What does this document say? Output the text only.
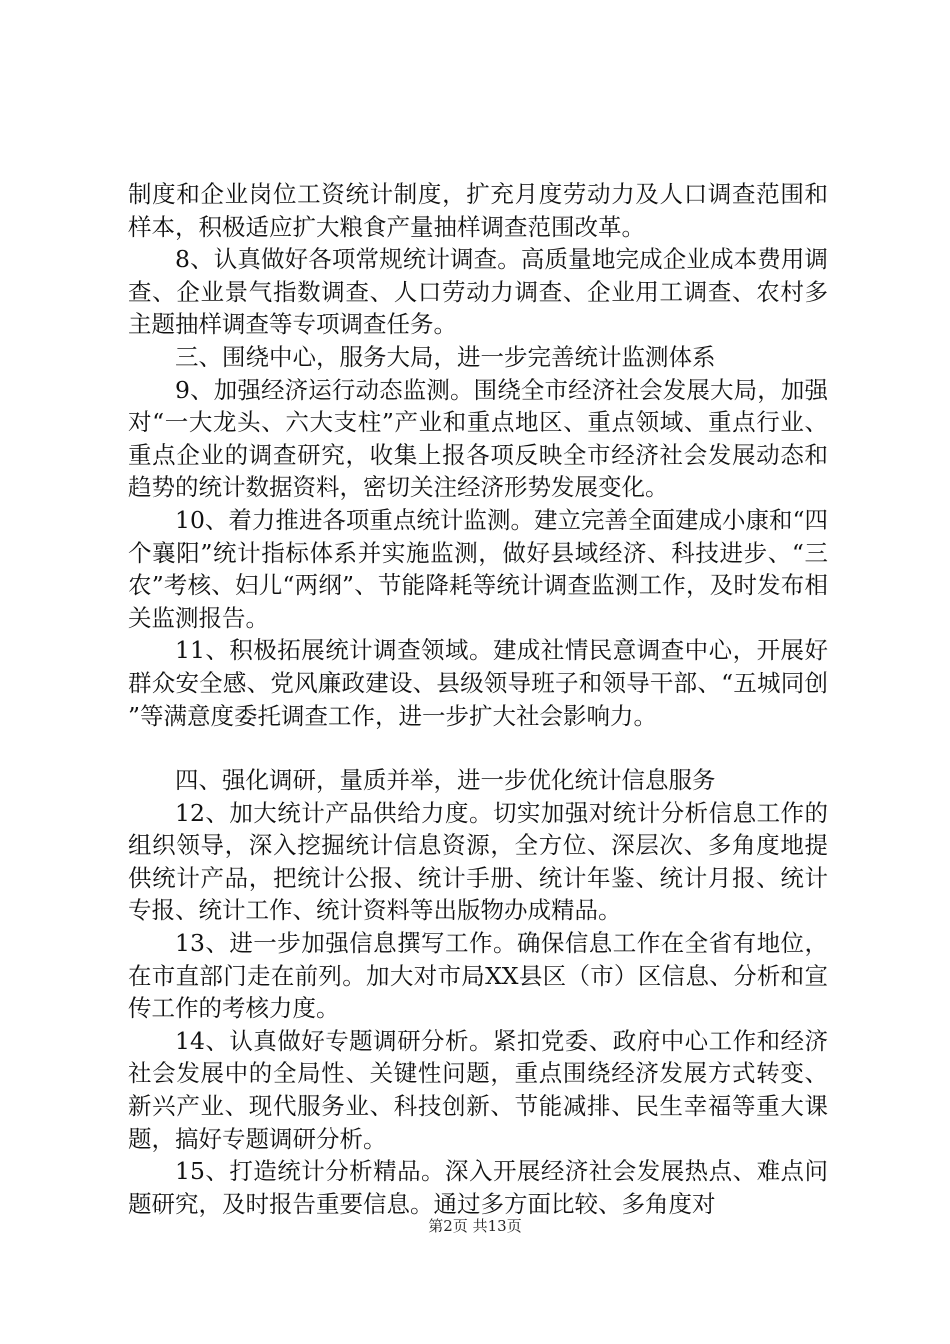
制度和企业岗位工资统计制度，扩充月度劳动力及人口调查范围和样本，积极适应扩大粮食产量抽样调查范围改革。

8、认真做好各项常规统计调查。高质量地完成企业成本费用调查、企业景气指数调查、人口劳动力调查、企业用工调查、农村多主题抽样调查等专项调查任务。

三、围绕中心，服务大局，进一步完善统计监测体系

9、加强经济运行动态监测。围绕全市经济社会发展大局，加强对“一大龙头、六大支柱”产业和重点地区、重点领域、重点行业、重点企业的调查研究，收集上报各项反映全市经济社会发展动态和趋势的统计数据资料，密切关注经济形势发展变化。

10、着力推进各项重点统计监测。建立完善全面建成小康和“四个襄阳”统计指标体系并实施监测，做好县域经济、科技进步、“三农”考核、妇儿“两纲”、节能降耗等统计调查监测工作，及时发布相关监测报告。

11、积极拓展统计调查领域。建成社情民意调查中心，开展好群众安全感、党风廉政建设、县级领导班子和领导干部、“五城同创”等满意度委托调查工作，进一步扩大社会影响力。

四、强化调研，量质并举，进一步优化统计信息服务

12、加大统计产品供给力度。切实加强对统计分析信息工作的组织领导，深入挖掘统计信息资源，全方位、深层次、多角度地提供统计产品，把统计公报、统计手册、统计年鉴、统计月报、统计专报、统计工作、统计资料等出版物办成精品。

13、进一步加强信息撰写工作。确保信息工作在全省有地位，在市直部门走在前列。加大对市局XX县区（市）区信息、分析和宣传工作的考核力度。

14、认真做好专题调研分析。紧扣党委、政府中心工作和经济社会发展中的全局性、关键性问题，重点围绕经济发展方式转变、新兴产业、现代服务业、科技创新、节能减排、民生幸福等重大课题，搞好专题调研分析。

15、打造统计分析精品。深入开展经济社会发展热点、难点问题研究，及时报告重要信息。通过多方面比较、多角度对

第2页 共13页
